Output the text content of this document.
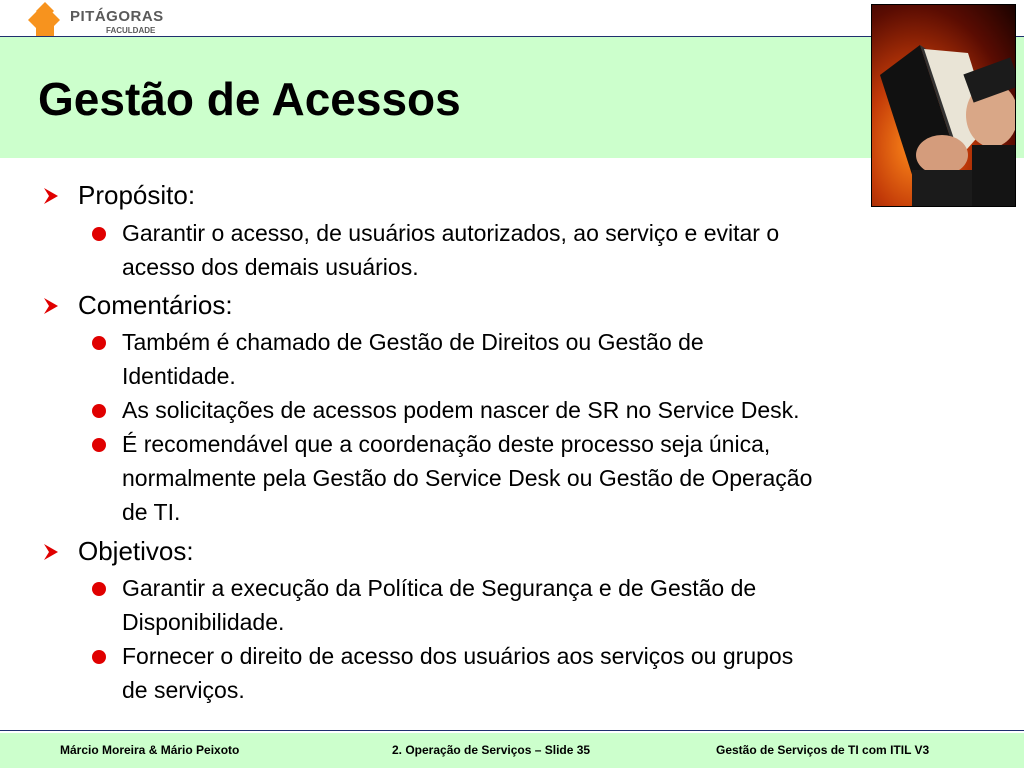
PITÁGORAS
FACULDADE
Gestão de Acessos
Propósito:
Garantir o acesso, de usuários autorizados, ao serviço e evitar o
acesso dos demais usuários.
Comentários:
Também é chamado de Gestão de Direitos ou Gestão de
Identidade.
As solicitações de acessos podem nascer de SR no Service Desk.
É recomendável que a coordenação deste processo seja única,
normalmente pela Gestão do Service Desk ou Gestão de Operação
de TI.
Objetivos:
Garantir a execução da Política de Segurança e de Gestão de
Disponibilidade.
Fornecer o direito de acesso dos usuários aos serviços ou grupos
de serviços.
Márcio Moreira & Mário Peixoto	2. Operação de Serviços – Slide 35	Gestão de Serviços de TI com ITIL V3
